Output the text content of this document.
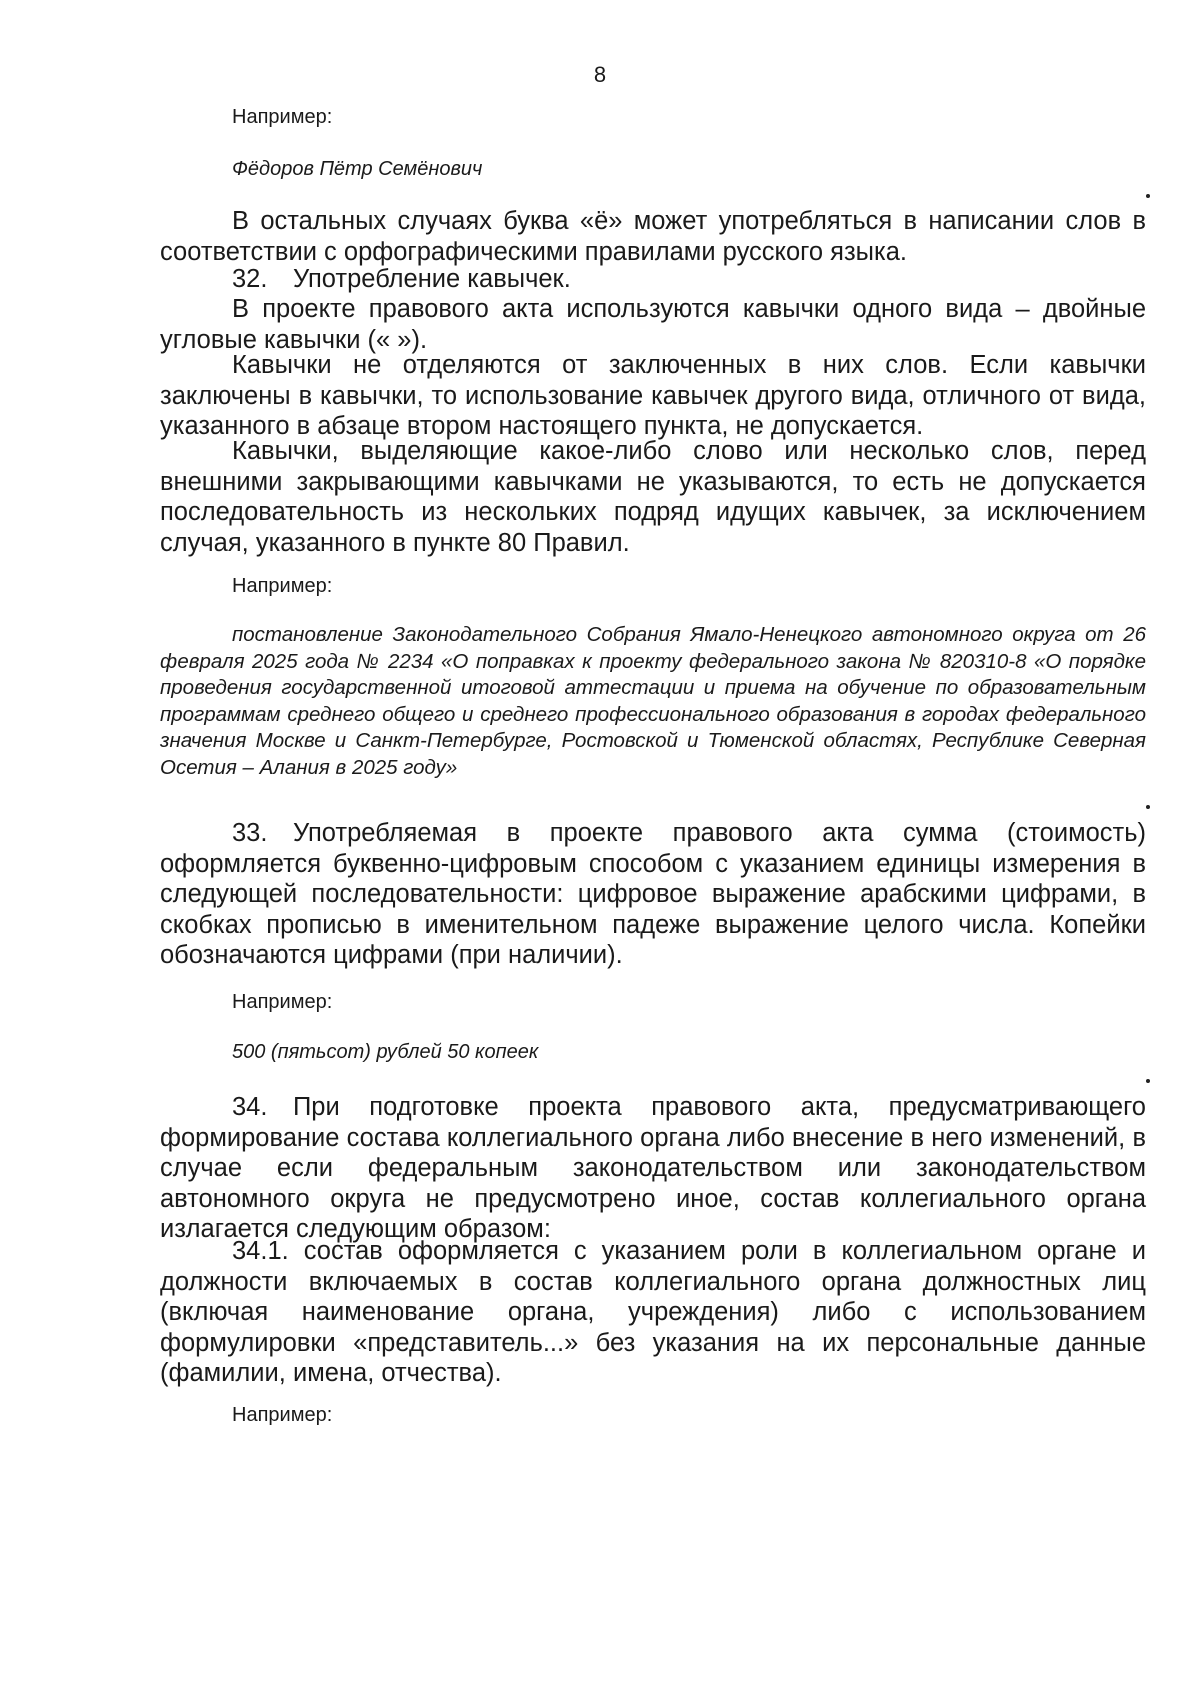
8
Например:
Фёдоров Пётр Семёнович
В остальных случаях буква «ё» может употребляться в написании слов в соответствии с орфографическими правилами русского языка.
32. Употребление кавычек.
В проекте правового акта используются кавычки одного вида – двойные угловые кавычки (« »).
Кавычки не отделяются от заключенных в них слов. Если кавычки заключены в кавычки, то использование кавычек другого вида, отличного от вида, указанного в абзаце втором настоящего пункта, не допускается.
Кавычки, выделяющие какое-либо слово или несколько слов, перед внешними закрывающими кавычками не указываются, то есть не допускается последовательность из нескольких подряд идущих кавычек, за исключением случая, указанного в пункте 80 Правил.
Например:
постановление Законодательного Собрания Ямало-Ненецкого автономного округа от 26 февраля 2025 года № 2234 «О поправках к проекту федерального закона № 820310-8 «О порядке проведения государственной итоговой аттестации и приема на обучение по образовательным программам среднего общего и среднего профессионального образования в городах федерального значения Москве и Санкт-Петербурге, Ростовской и Тюменской областях, Республике Северная Осетия – Алания в 2025 году»
33. Употребляемая в проекте правового акта сумма (стоимость) оформляется буквенно-цифровым способом с указанием единицы измерения в следующей последовательности: цифровое выражение арабскими цифрами, в скобках прописью в именительном падеже выражение целого числа. Копейки обозначаются цифрами (при наличии).
Например:
500 (пятьсот) рублей 50 копеек
34. При подготовке проекта правового акта, предусматривающего формирование состава коллегиального органа либо внесение в него изменений, в случае если федеральным законодательством или законодательством автономного округа не предусмотрено иное, состав коллегиального органа излагается следующим образом:
34.1. состав оформляется с указанием роли в коллегиальном органе и должности включаемых в состав коллегиального органа должностных лиц (включая наименование органа, учреждения) либо с использованием формулировки «представитель...» без указания на их персональные данные (фамилии, имена, отчества).
Например:
